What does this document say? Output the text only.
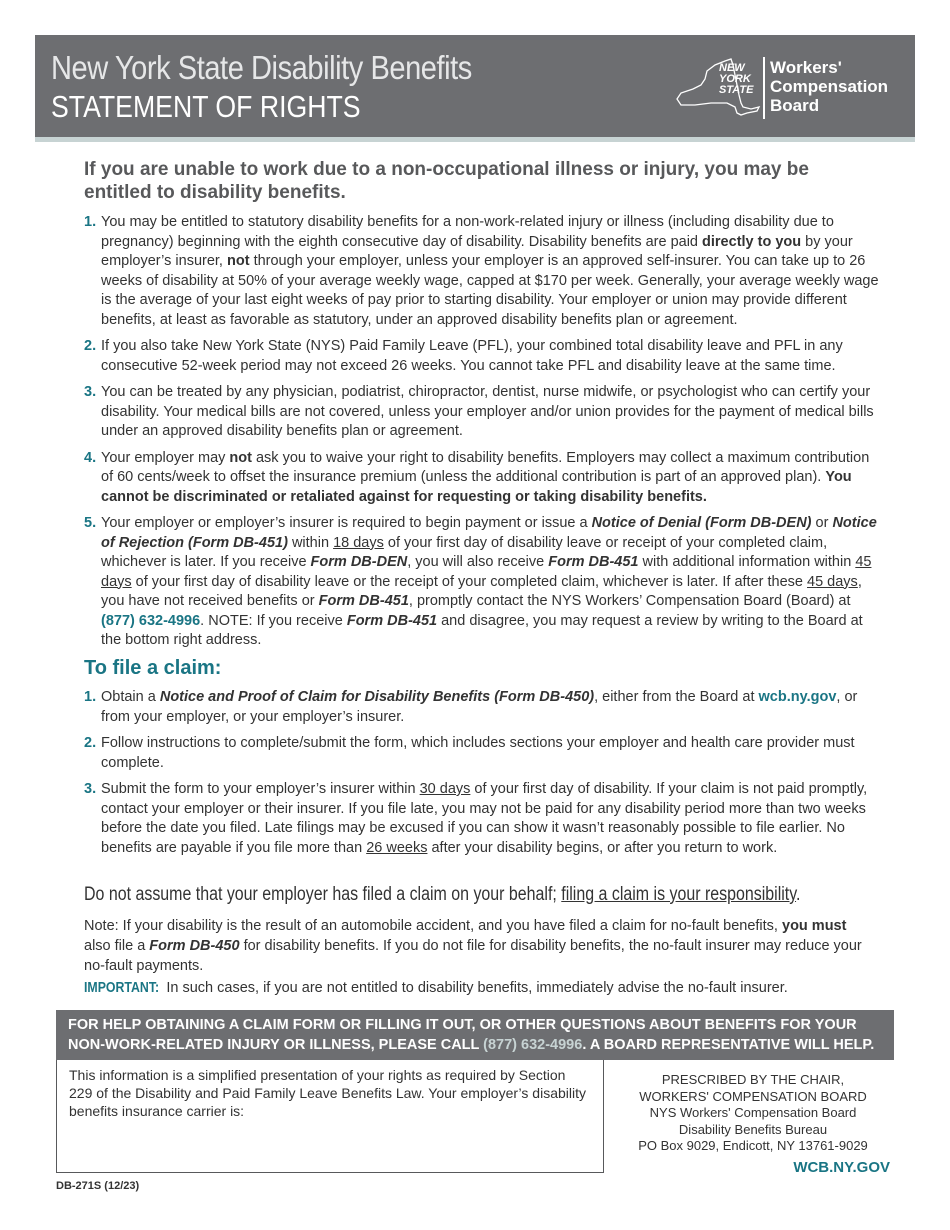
New York State Disability Benefits
STATEMENT OF RIGHTS
NEW
YORK
STATE
Workers'
Compensation
Board
If you are unable to work due to a non-occupational illness or injury, you may be entitled to disability benefits.
1. You may be entitled to statutory disability benefits for a non-work-related injury or illness (including disability due to pregnancy) beginning with the eighth consecutive day of disability. Disability benefits are paid directly to you by your employer’s insurer, not through your employer, unless your employer is an approved self-insurer. You can take up to 26 weeks of disability at 50% of your average weekly wage, capped at $170 per week. Generally, your average weekly wage is the average of your last eight weeks of pay prior to starting disability. Your employer or union may provide different benefits, at least as favorable as statutory, under an approved disability benefits plan or agreement.
2. If you also take New York State (NYS) Paid Family Leave (PFL), your combined total disability leave and PFL in any consecutive 52-week period may not exceed 26 weeks. You cannot take PFL and disability leave at the same time.
3. You can be treated by any physician, podiatrist, chiropractor, dentist, nurse midwife, or psychologist who can certify your disability. Your medical bills are not covered, unless your employer and/or union provides for the payment of medical bills under an approved disability benefits plan or agreement.
4. Your employer may not ask you to waive your right to disability benefits. Employers may collect a maximum contribution of 60 cents/week to offset the insurance premium (unless the additional contribution is part of an approved plan). You cannot be discriminated or retaliated against for requesting or taking disability benefits.
5. Your employer or employer’s insurer is required to begin payment or issue a Notice of Denial (Form DB-DEN) or Notice of Rejection (Form DB-451) within 18 days of your first day of disability leave or receipt of your completed claim, whichever is later. If you receive Form DB-DEN, you will also receive Form DB-451 with additional information within 45 days of your first day of disability leave or the receipt of your completed claim, whichever is later. If after these 45 days, you have not received benefits or Form DB-451, promptly contact the NYS Workers’ Compensation Board (Board) at (877) 632-4996. NOTE: If you receive Form DB-451 and disagree, you may request a review by writing to the Board at the bottom right address.
To file a claim:
1. Obtain a Notice and Proof of Claim for Disability Benefits (Form DB-450), either from the Board at wcb.ny.gov, or from your employer, or your employer’s insurer.
2. Follow instructions to complete/submit the form, which includes sections your employer and health care provider must complete.
3. Submit the form to your employer’s insurer within 30 days of your first day of disability. If your claim is not paid promptly, contact your employer or their insurer. If you file late, you may not be paid for any disability period more than two weeks before the date you filed. Late filings may be excused if you can show it wasn’t reasonably possible to file earlier. No benefits are payable if you file more than 26 weeks after your disability begins, or after you return to work.
Do not assume that your employer has filed a claim on your behalf; filing a claim is your responsibility.
Note: If your disability is the result of an automobile accident, and you have filed a claim for no-fault benefits, you must also file a Form DB-450 for disability benefits. If you do not file for disability benefits, the no-fault insurer may reduce your no-fault payments.
IMPORTANT: In such cases, if you are not entitled to disability benefits, immediately advise the no-fault insurer.
FOR HELP OBTAINING A CLAIM FORM OR FILLING IT OUT, OR OTHER QUESTIONS ABOUT BENEFITS FOR YOUR NON-WORK-RELATED INJURY OR ILLNESS, PLEASE CALL (877) 632-4996. A BOARD REPRESENTATIVE WILL HELP.
This information is a simplified presentation of your rights as required by Section 229 of the Disability and Paid Family Leave Benefits Law. Your employer’s disability benefits insurance carrier is:
PRESCRIBED BY THE CHAIR,
WORKERS' COMPENSATION BOARD
NYS Workers' Compensation Board
Disability Benefits Bureau
PO Box 9029, Endicott, NY 13761-9029
WCB.NY.GOV
DB-271S (12/23)
